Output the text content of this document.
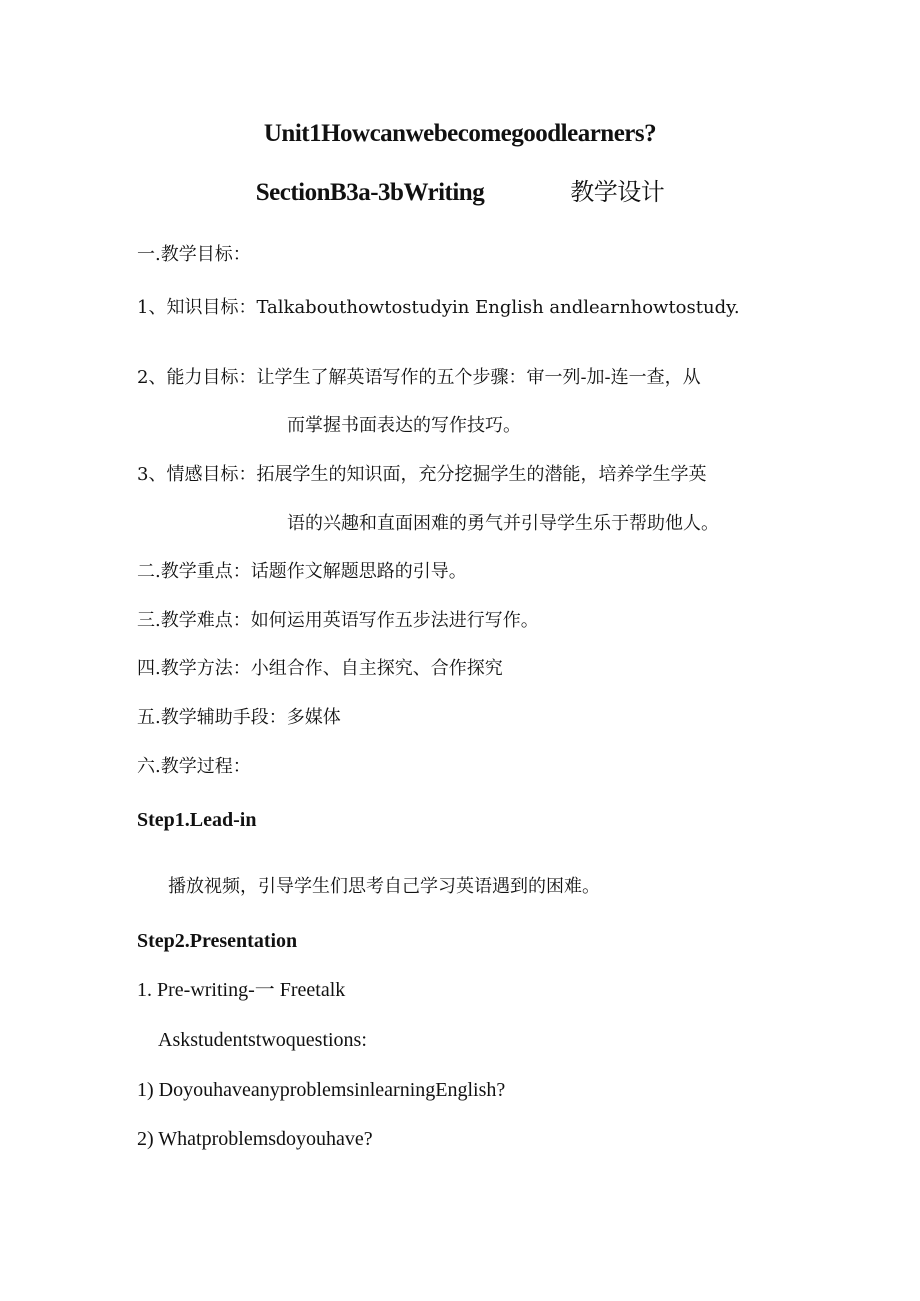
Unit1Howcanwebecomegoodlearners?
SectionB3a-3bWriting	教学设计
一.教学目标：
1、知识目标：Talkabouthowtostudyin English andlearnhowtostudy.
2、能力目标：让学生了解英语写作的五个步骤：审一列-加-连一查，从
而掌握书面表达的写作技巧。
3、情感目标：拓展学生的知识面，充分挖掘学生的潜能，培养学生学英
语的兴趣和直面困难的勇气并引导学生乐于帮助他人。
二.教学重点：话题作文解题思路的引导。
三.教学难点：如何运用英语写作五步法进行写作。
四.教学方法：小组合作、自主探究、合作探究
五.教学辅助手段：多媒体
六.教学过程：
Step1.Lead-in
播放视频，引导学生们思考自己学习英语遇到的困难。
Step2.Presentation
1. Pre-writing-一 Freetalk
Askstudentstwoquestions:
1) DoyouhaveanyproblemsinlearningEnglish?
2) Whatproblemsdoyouhave?
